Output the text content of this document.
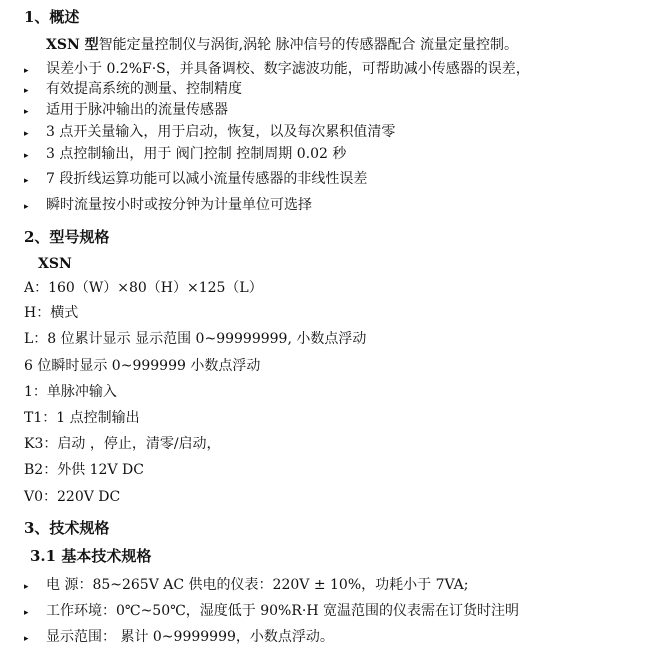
1、概述
XSN 型智能定量控制仪与涡街,涡轮 脉冲信号的传感器配合 流量定量控制。
▸ 误差小于 0.2%F·S，并具备调校、数字滤波功能，可帮助减小传感器的误差，
▸ 有效提高系统的测量、控制精度
▸ 适用于脉冲输出的流量传感器
▸ 3 点开关量输入，用于启动，恢复，以及每次累积值清零
▸ 3 点控制输出，用于 阀门控制 控制周期 0.02 秒
▸ 7 段折线运算功能可以减小流量传感器的非线性误差
▸ 瞬时流量按小时或按分钟为计量单位可选择
2、型号规格
XSN
A：160（W）×80（H）×125（L）
H：横式
L：8 位累计显示 显示范围 0~99999999, 小数点浮动
6 位瞬时显示 0~999999 小数点浮动
1：单脉冲输入
T1：1 点控制输出
K3：启动 ，停止，清零/启动，
B2：外供 12V DC
V0：220V DC
3、技术规格
3.1 基本技术规格
▸ 电 源：85~265V AC 供电的仪表：220V ± 10%，功耗小于 7VA;
▸ 工作环境：0℃~50℃，湿度低于 90%R·H 宽温范围的仪表需在订货时注明
▸ 显示范围： 累计 0~9999999，小数点浮动。
